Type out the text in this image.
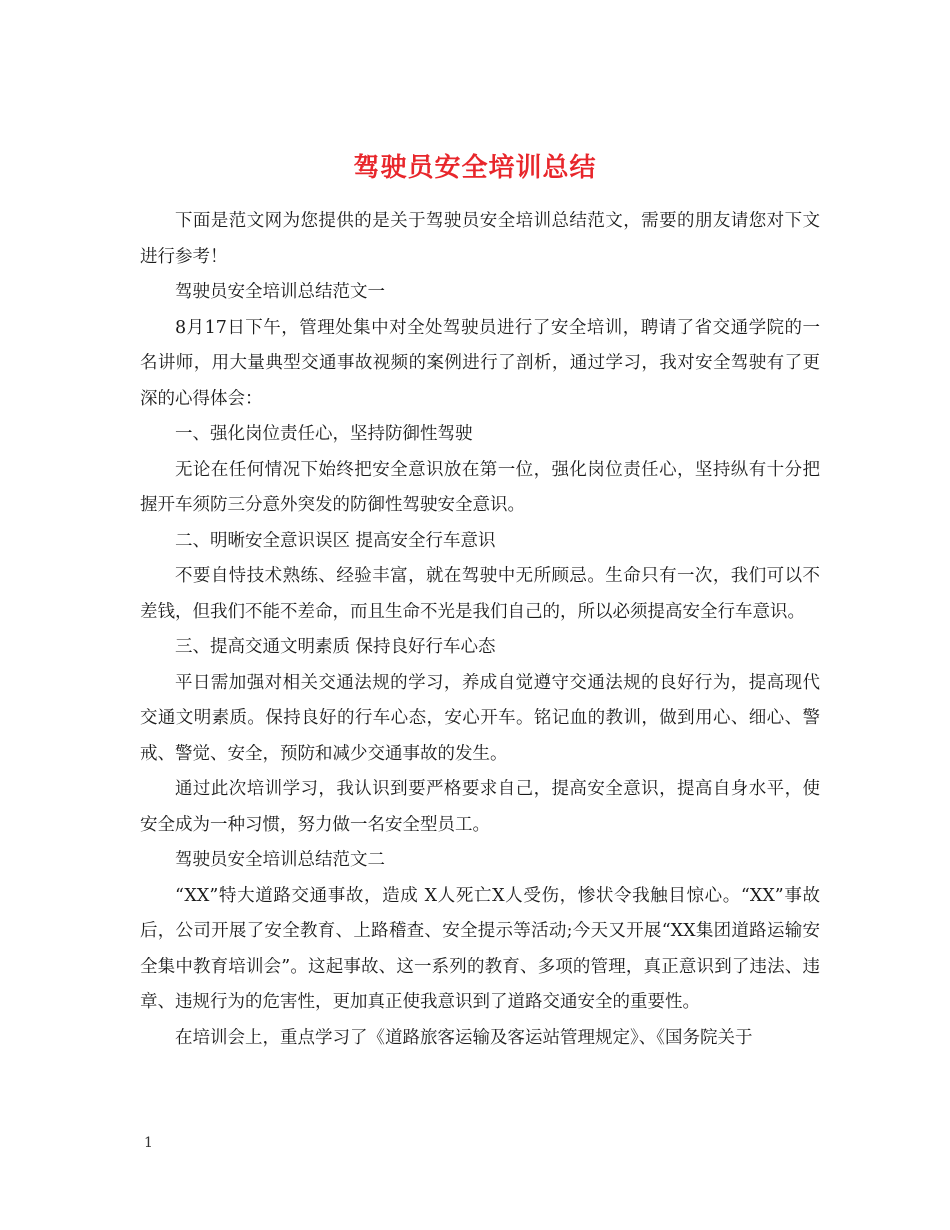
驾驶员安全培训总结

下面是范文网为您提供的是关于驾驶员安全培训总结范文，需要的朋友请您对下文进行参考！

驾驶员安全培训总结范文一

8月17日下午，管理处集中对全处驾驶员进行了安全培训，聘请了省交通学院的一名讲师，用大量典型交通事故视频的案例进行了剖析，通过学习，我对安全驾驶有了更深的心得体会：

一、强化岗位责任心，坚持防御性驾驶

无论在任何情况下始终把安全意识放在第一位，强化岗位责任心，坚持纵有十分把握开车须防三分意外突发的防御性驾驶安全意识。

二、明晰安全意识误区 提高安全行车意识

不要自恃技术熟练、经验丰富，就在驾驶中无所顾忌。生命只有一次，我们可以不差钱，但我们不能不差命，而且生命不光是我们自己的，所以必须提高安全行车意识。

三、提高交通文明素质 保持良好行车心态

平日需加强对相关交通法规的学习，养成自觉遵守交通法规的良好行为，提高现代交通文明素质。保持良好的行车心态，安心开车。铭记血的教训，做到用心、细心、警戒、警觉、安全，预防和减少交通事故的发生。

通过此次培训学习，我认识到要严格要求自己，提高安全意识，提高自身水平，使安全成为一种习惯，努力做一名安全型员工。

驾驶员安全培训总结范文二

“XX”特大道路交通事故，造成 X人死亡X人受伤，惨状令我触目惊心。“XX”事故后，公司开展了安全教育、上路稽查、安全提示等活动;今天又开展“XX集团道路运输安全集中教育培训会”。这起事故、这一系列的教育、多项的管理，真正意识到了违法、违章、违规行为的危害性，更加真正使我意识到了道路交通安全的重要性。

在培训会上，重点学习了《道路旅客运输及客运站管理规定》、《国务院关于

1
